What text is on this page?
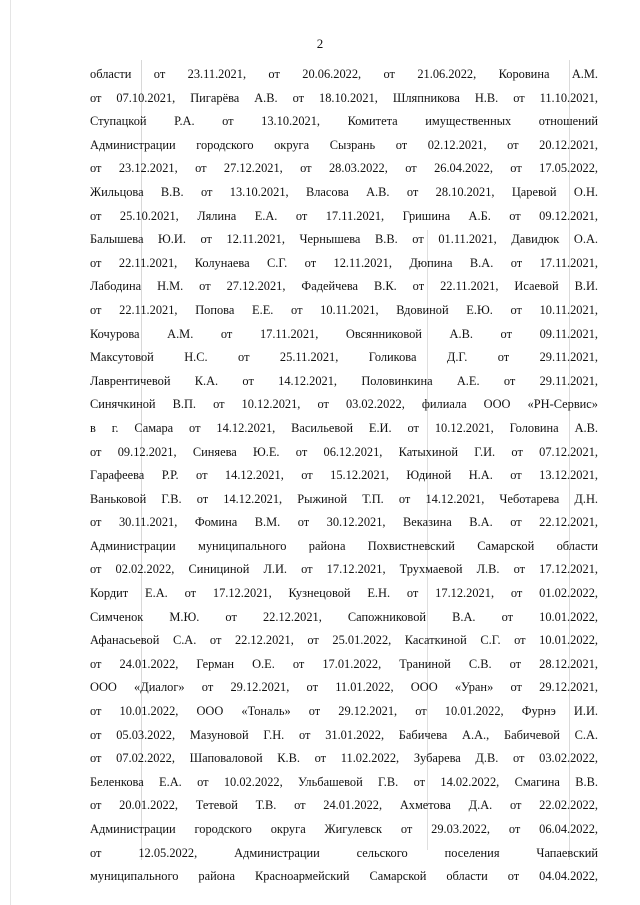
2
области от 23.11.2021, от 20.06.2022, от 21.06.2022, Коровина А.М.
от 07.10.2021, Пигарёва А.В. от 18.10.2021, Шляпникова Н.В. от 11.10.2021,
Ступацкой Р.А. от 13.10.2021, Комитета имущественных отношений
Администрации городского округа Сызрань от 02.12.2021, от 20.12.2021,
от 23.12.2021, от 27.12.2021, от 28.03.2022, от 26.04.2022, от 17.05.2022,
Жильцова В.В. от 13.10.2021, Власова А.В. от 28.10.2021, Царевой О.Н.
от 25.10.2021, Лялина Е.А. от 17.11.2021, Гришина А.Б. от 09.12.2021,
Балышева Ю.И. от 12.11.2021, Чернышева В.В. от 01.11.2021, Давидюк О.А.
от 22.11.2021, Колунаева С.Г. от 12.11.2021, Дюпина В.А. от 17.11.2021,
Лабодина Н.М. от 27.12.2021, Фадейчева В.К. от 22.11.2021, Исаевой В.И.
от 22.11.2021, Попова Е.Е. от 10.11.2021, Вдовиной Е.Ю. от 10.11.2021,
Кочурова А.М. от 17.11.2021, Овсянниковой А.В. от 09.11.2021,
Максутовой Н.С. от 25.11.2021, Голикова Д.Г. от 29.11.2021,
Лаврентичевой К.А. от 14.12.2021, Половинкина А.Е. от 29.11.2021,
Синячкиной В.П. от 10.12.2021, от 03.02.2022, филиала ООО «РН-Сервис»
в г. Самара от 14.12.2021, Васильевой Е.И. от 10.12.2021, Головина А.В.
от 09.12.2021, Синяева Ю.Е. от 06.12.2021, Катыхиной Г.И. от 07.12.2021,
Гарафеева Р.Р. от 14.12.2021, от 15.12.2021, Юдиной Н.А. от 13.12.2021,
Ваньковой Г.В. от 14.12.2021, Рыжиной Т.П. от 14.12.2021, Чеботарева Д.Н.
от 30.11.2021, Фомина В.М. от 30.12.2021, Веказина В.А. от 22.12.2021,
Администрации муниципального района Похвистневский Самарской области
от 02.02.2022, Синициной Л.И. от 17.12.2021, Трухмаевой Л.В. от 17.12.2021,
Кордит Е.А. от 17.12.2021, Кузнецовой Е.Н. от 17.12.2021, от 01.02.2022,
Симченок М.Ю. от 22.12.2021, Сапожниковой В.А. от 10.01.2022,
Афанасьевой С.А. от 22.12.2021, от 25.01.2022, Касаткиной С.Г. от 10.01.2022,
от 24.01.2022, Герман О.Е. от 17.01.2022, Траниной С.В. от 28.12.2021,
ООО «Диалог» от 29.12.2021, от 11.01.2022, ООО «Уран» от 29.12.2021,
от 10.01.2022, ООО «Тональ» от 29.12.2021, от 10.01.2022, Фурнэ И.И.
от 05.03.2022, Мазуновой Г.Н. от 31.01.2022, Бабичева А.А., Бабичевой С.А.
от 07.02.2022, Шаповаловой К.В. от 11.02.2022, Зубарева Д.В. от 03.02.2022,
Беленкова Е.А. от 10.02.2022, Ульбашевой Г.В. от 14.02.2022, Смагина В.В.
от 20.01.2022, Тетевой Т.В. от 24.01.2022, Ахметова Д.А. от 22.02.2022,
Администрации городского округа Жигулевск от 29.03.2022, от 06.04.2022,
от 12.05.2022, Администрации сельского поселения Чапаевский
муниципального района Красноармейский Самарской области от 04.04.2022,
